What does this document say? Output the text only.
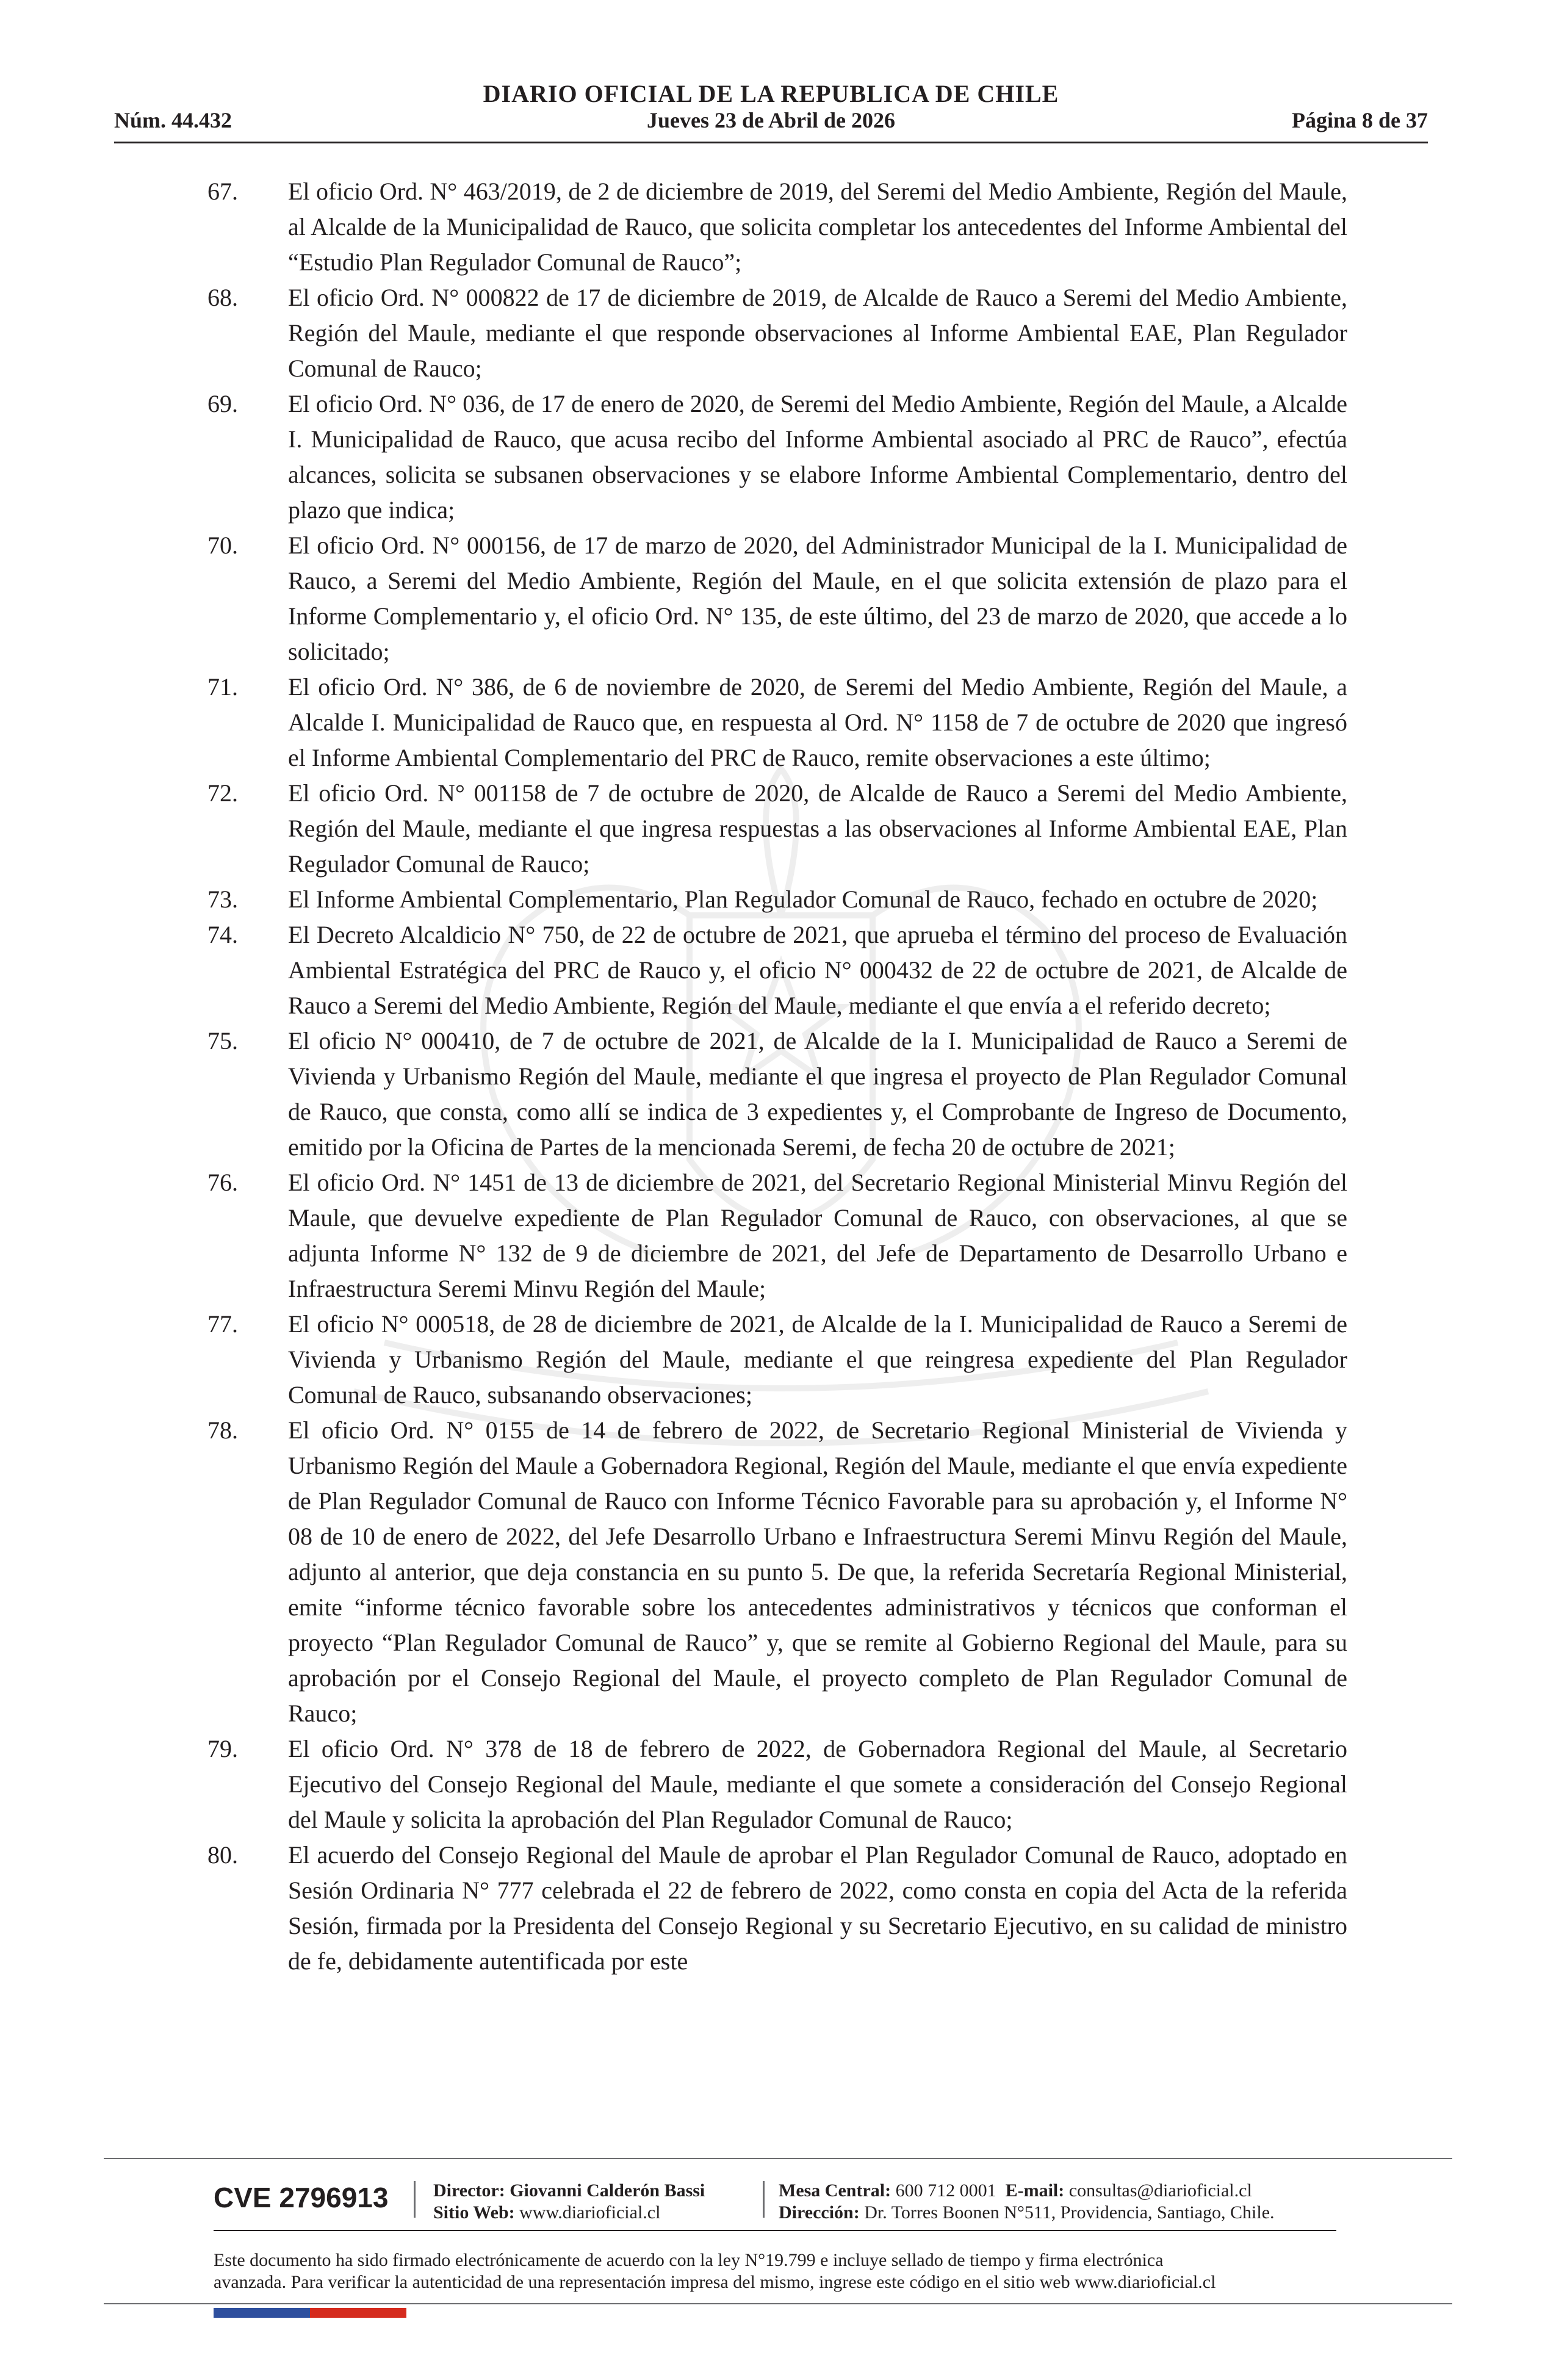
DIARIO OFICIAL DE LA REPUBLICA DE CHILE
Núm. 44.432	Jueves 23 de Abril de 2026	Página 8 de 37
67. El oficio Ord. N° 463/2019, de 2 de diciembre de 2019, del Seremi del Medio Ambiente, Región del Maule, al Alcalde de la Municipalidad de Rauco, que solicita completar los antecedentes del Informe Ambiental del “Estudio Plan Regulador Comunal de Rauco”;
68. El oficio Ord. N° 000822 de 17 de diciembre de 2019, de Alcalde de Rauco a Seremi del Medio Ambiente, Región del Maule, mediante el que responde observaciones al Informe Ambiental EAE, Plan Regulador Comunal de Rauco;
69. El oficio Ord. N° 036, de 17 de enero de 2020, de Seremi del Medio Ambiente, Región del Maule, a Alcalde I. Municipalidad de Rauco, que acusa recibo del Informe Ambiental asociado al PRC de Rauco”, efectúa alcances, solicita se subsanen observaciones y se elabore Informe Ambiental Complementario, dentro del plazo que indica;
70. El oficio Ord. N° 000156, de 17 de marzo de 2020, del Administrador Municipal de la I. Municipalidad de Rauco, a Seremi del Medio Ambiente, Región del Maule, en el que solicita extensión de plazo para el Informe Complementario y, el oficio Ord. N° 135, de este último, del 23 de marzo de 2020, que accede a lo solicitado;
71. El oficio Ord. N° 386, de 6 de noviembre de 2020, de Seremi del Medio Ambiente, Región del Maule, a Alcalde I. Municipalidad de Rauco que, en respuesta al Ord. N° 1158 de 7 de octubre de 2020 que ingresó el Informe Ambiental Complementario del PRC de Rauco, remite observaciones a este último;
72. El oficio Ord. N° 001158 de 7 de octubre de 2020, de Alcalde de Rauco a Seremi del Medio Ambiente, Región del Maule, mediante el que ingresa respuestas a las observaciones al Informe Ambiental EAE, Plan Regulador Comunal de Rauco;
73. El Informe Ambiental Complementario, Plan Regulador Comunal de Rauco, fechado en octubre de 2020;
74. El Decreto Alcaldicio N° 750, de 22 de octubre de 2021, que aprueba el término del proceso de Evaluación Ambiental Estratégica del PRC de Rauco y, el oficio N° 000432 de 22 de octubre de 2021, de Alcalde de Rauco a Seremi del Medio Ambiente, Región del Maule, mediante el que envía a el referido decreto;
75. El oficio N° 000410, de 7 de octubre de 2021, de Alcalde de la I. Municipalidad de Rauco a Seremi de Vivienda y Urbanismo Región del Maule, mediante el que ingresa el proyecto de Plan Regulador Comunal de Rauco, que consta, como allí se indica de 3 expedientes y, el Comprobante de Ingreso de Documento, emitido por la Oficina de Partes de la mencionada Seremi, de fecha 20 de octubre de 2021;
76. El oficio Ord. N° 1451 de 13 de diciembre de 2021, del Secretario Regional Ministerial Minvu Región del Maule, que devuelve expediente de Plan Regulador Comunal de Rauco, con observaciones, al que se adjunta Informe N° 132 de 9 de diciembre de 2021, del Jefe de Departamento de Desarrollo Urbano e Infraestructura Seremi Minvu Región del Maule;
77. El oficio N° 000518, de 28 de diciembre de 2021, de Alcalde de la I. Municipalidad de Rauco a Seremi de Vivienda y Urbanismo Región del Maule, mediante el que reingresa expediente del Plan Regulador Comunal de Rauco, subsanando observaciones;
78. El oficio Ord. N° 0155 de 14 de febrero de 2022, de Secretario Regional Ministerial de Vivienda y Urbanismo Región del Maule a Gobernadora Regional, Región del Maule, mediante el que envía expediente de Plan Regulador Comunal de Rauco con Informe Técnico Favorable para su aprobación y, el Informe N° 08 de 10 de enero de 2022, del Jefe Desarrollo Urbano e Infraestructura Seremi Minvu Región del Maule, adjunto al anterior, que deja constancia en su punto 5. De que, la referida Secretaría Regional Ministerial, emite “informe técnico favorable sobre los antecedentes administrativos y técnicos que conforman el proyecto “Plan Regulador Comunal de Rauco” y, que se remite al Gobierno Regional del Maule, para su aprobación por el Consejo Regional del Maule, el proyecto completo de Plan Regulador Comunal de Rauco;
79. El oficio Ord. N° 378 de 18 de febrero de 2022, de Gobernadora Regional del Maule, al Secretario Ejecutivo del Consejo Regional del Maule, mediante el que somete a consideración del Consejo Regional del Maule y solicita la aprobación del Plan Regulador Comunal de Rauco;
80. El acuerdo del Consejo Regional del Maule de aprobar el Plan Regulador Comunal de Rauco, adoptado en Sesión Ordinaria N° 777 celebrada el 22 de febrero de 2022, como consta en copia del Acta de la referida Sesión, firmada por la Presidenta del Consejo Regional y su Secretario Ejecutivo, en su calidad de ministro de fe, debidamente autentificada por este
CVE 2796913 Director: Giovanni Calderón Bassi
Sitio Web: www.diarioficial.cl
Mesa Central: 600 712 0001 E-mail: consultas@diarioficial.cl
Dirección: Dr. Torres Boonen N°511, Providencia, Santiago, Chile.
Este documento ha sido firmado electrónicamente de acuerdo con la ley N°19.799 e incluye sellado de tiempo y firma electrónica
avanzada. Para verificar la autenticidad de una representación impresa del mismo, ingrese este código en el sitio web www.diarioficial.cl
